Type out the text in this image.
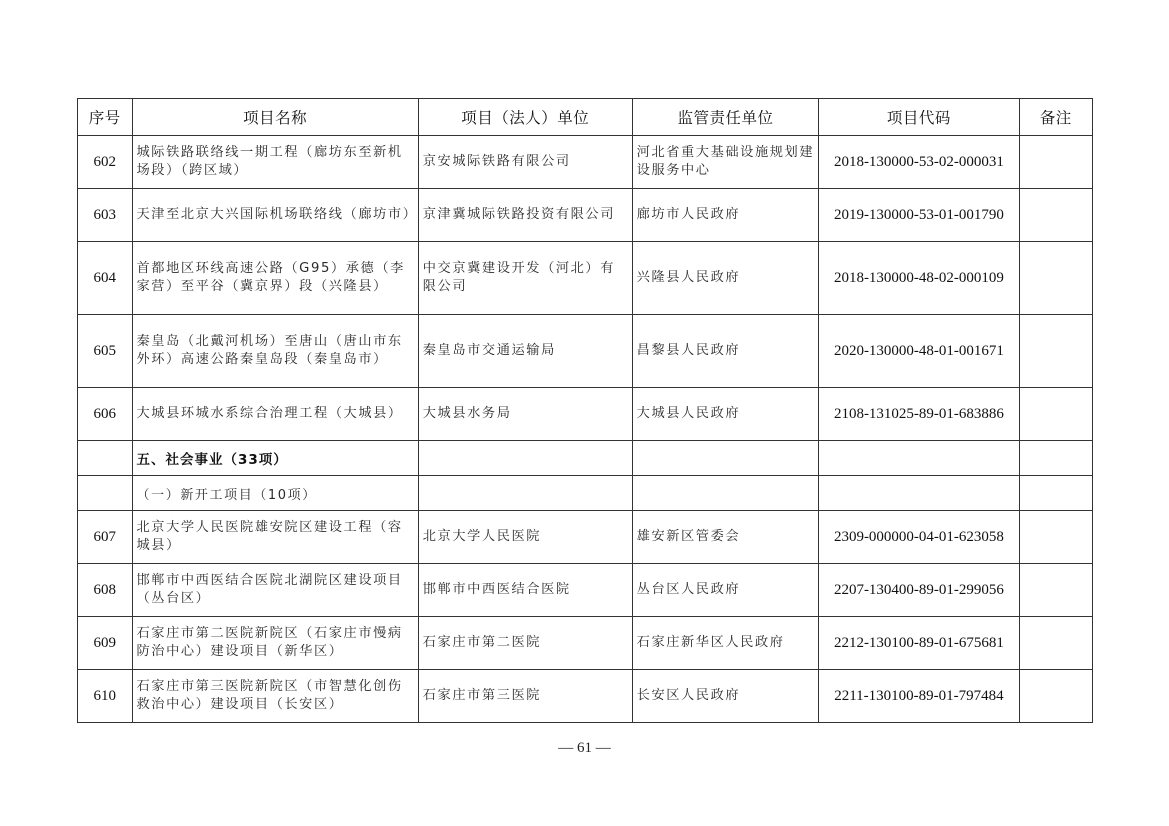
序号	项目名称	项目（法人）单位	监管责任单位	项目代码	备注
602	城际铁路联络线一期工程（廊坊东至新机场段）（跨区域）	京安城际铁路有限公司	河北省重大基础设施规划建设服务中心	2018-130000-53-02-000031	
603	天津至北京大兴国际机场联络线（廊坊市）	京津冀城际铁路投资有限公司	廊坊市人民政府	2019-130000-53-01-001790	
604	首都地区环线高速公路（G95）承德（李家营）至平谷（冀京界）段（兴隆县）	中交京冀建设开发（河北）有限公司	兴隆县人民政府	2018-130000-48-02-000109	
605	秦皇岛（北戴河机场）至唐山（唐山市东外环）高速公路秦皇岛段（秦皇岛市）	秦皇岛市交通运输局	昌黎县人民政府	2020-130000-48-01-001671	
606	大城县环城水系综合治理工程（大城县）	大城县水务局	大城县人民政府	2108-131025-89-01-683886	
	五、社会事业（33项）				
	（一）新开工项目（10项）				
607	北京大学人民医院雄安院区建设工程（容城县）	北京大学人民医院	雄安新区管委会	2309-000000-04-01-623058	
608	邯郸市中西医结合医院北湖院区建设项目（丛台区）	邯郸市中西医结合医院	丛台区人民政府	2207-130400-89-01-299056	
609	石家庄市第二医院新院区（石家庄市慢病防治中心）建设项目（新华区）	石家庄市第二医院	石家庄新华区人民政府	2212-130100-89-01-675681	
610	石家庄市第三医院新院区（市智慧化创伤救治中心）建设项目（长安区）	石家庄市第三医院	长安区人民政府	2211-130100-89-01-797484	
— 61 —
